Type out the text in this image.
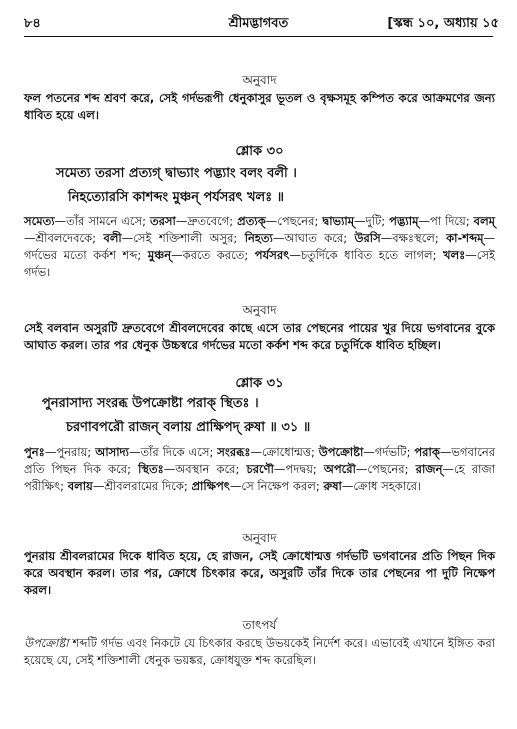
৮৪	শ্রীমদ্ভাগবত	[স্কন্ধ ১০, অধ্যায় ১৫
অনুবাদ
ফল পতনের শব্দ শ্রবণ করে, সেই গর্দভরূপী ধেনুকাসুর ভূতল ও বৃক্ষসমূহ কম্পিত করে আক্রমণের জন্য ধাবিত হয়ে এল।
শ্লোক ৩০
সমেত্য তরসা প্রত্যগ্ দ্বাভ্যাং পদ্ভ্যাং বলং বলী ।
নিহত্যোরসি কাশব্দং মুঞ্চন্ পর্যসরৎ খলঃ ॥
সমেত্য—তাঁর সামনে এসে; তরসা—দ্রুতবেগে; প্রত্যক্—পেছনের; দ্বাভ্যাম্—দুটি; পদ্ভ্যাম্—পা দিয়ে; বলম্—শ্রীবলদেবকে; বলী—সেই শক্তিশালী অসুর; নিহত্য—আঘাত করে; উরসি—বক্ষঃস্থলে; কা-শব্দম্—গর্দভের মতো কর্কশ শব্দ; মুঞ্চন্—করতে করতে; পর্যসরৎ—চতুর্দিকে ধাবিত হতে লাগল; খলঃ—সেই গর্দভ।
অনুবাদ
সেই বলবান অসুরটি দ্রুতবেগে শ্রীবলদেবের কাছে এসে তার পেছনের পায়ের খুর দিয়ে ভগবানের বুকে আঘাত করল। তার পর ধেনুক উচ্চস্বরে গর্দভের মতো কর্কশ শব্দ করে চতুর্দিকে ধাবিত হচ্ছিল।
শ্লোক ৩১
পুনরাসাদ্য সংরব্ধ উপক্রোষ্টা পরাক্ স্থিতঃ ।
চরণাবপরৌ রাজন্ বলায় প্রাক্ষিপদ্ রুষা ॥ ৩১ ॥
পুনঃ—পুনরায়; আসাদ্য—তাঁর দিকে এসে; সংরব্ধঃ—ক্রোধোন্মত্ত; উপক্রোষ্টা—গর্দভটি; পরাক্—ভগবানের প্রতি পিছন দিক করে; স্থিতঃ—অবস্থান করে; চরণৌ—পদদ্বয়; অপরৌ—পেছনের; রাজন্—হে রাজা পরীক্ষিৎ; বলায়—শ্রীবলরামের দিকে; প্রাক্ষিপৎ—সে নিক্ষেপ করল; রুষা—ক্রোধ সহকারে।
অনুবাদ
পুনরায় শ্রীবলরামের দিকে ধাবিত হয়ে, হে রাজন, সেই ক্রোধোন্মত্ত গর্দভটি ভগবানের প্রতি পিছন দিক করে অবস্থান করল। তার পর, ক্রোধে চিৎকার করে, অসুরটি তাঁর দিকে তার পেছনের পা দুটি নিক্ষেপ করল।
তাৎপর্য
উপক্রোষ্টা শব্দটি গর্দভ এবং নিকটে যে চিৎকার করছে উভয়কেই নির্দেশ করে। এভাবেই এখানে ইঙ্গিত করা হয়েছে যে, সেই শক্তিশালী ধেনুক ভয়ঙ্কর, ক্রোধযুক্ত শব্দ করেছিল।
